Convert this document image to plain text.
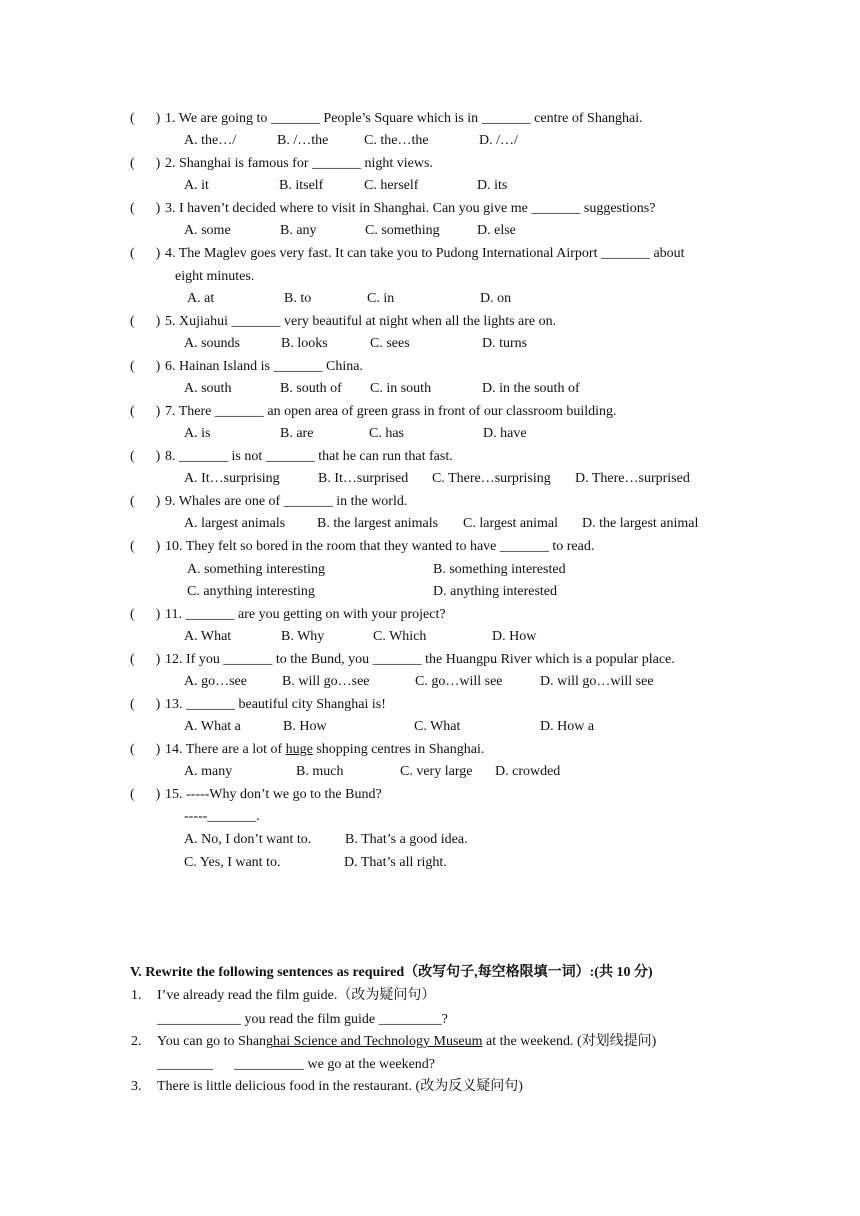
( ) 1. We are going to _______ People’s Square which is in _______ centre of Shanghai.
A. the…/	B. /…the	C. the…the	D. /…/
( ) 2. Shanghai is famous for _______ night views.
A. it	B. itself	C. herself	D. its
( ) 3. I haven’t decided where to visit in Shanghai. Can you give me _______ suggestions?
A. some	B. any	C. something	D. else
( ) 4. The Maglev goes very fast. It can take you to Pudong International Airport _______ about
eight minutes.
A. at	B. to	C. in	D. on
( ) 5. Xujiahui _______ very beautiful at night when all the lights are on.
A. sounds	B. looks	C. sees	D. turns
( ) 6. Hainan Island is _______ China.
A. south	B. south of C. in south	D. in the south of
( ) 7. There _______ an open area of green grass in front of our classroom building.
A. is	B. are	C. has	D. have
( ) 8. _______ is not _______ that he can run that fast.
A. It…surprising	B. It…surprised C. There…surprising D. There…surprised
( ) 9. Whales are one of _______ in the world.
A. largest animals B. the largest animals C. largest animal D. the largest animal
( ) 10. They felt so bored in the room that they wanted to have _______ to read.
A. something interesting	B. something interested
C. anything interesting	D. anything interested
( ) 11. _______ are you getting on with your project?
A. What	B. Why	C. Which	D. How
( ) 12. If you _______ to the Bund, you _______ the Huangpu River which is a popular place.
A. go…see	B. will go…see	C. go…will see	D. will go…will see
( ) 13. _______ beautiful city Shanghai is!
A. What a	B. How	C. What	D. How a
( ) 14. There are a lot of huge shopping centres in Shanghai.
A. many	B. much	C. very large D. crowded
( ) 15. -----Why don’t we go to the Bund?
-----_______.
A. No, I don’t want to. B. That’s a good idea.
C. Yes, I want to.	D. That’s all right.
V. Rewrite the following sentences as required（改写句子,每空格限填一词）:(共 10 分)
1. I’ve already read the film guide.（改为疑问句）
____________ you read the film guide _________?
2. You can go to Shanghai Science and Technology Museum at the weekend. (对划线提问)
________      __________ we go at the weekend?
3. There is little delicious food in the restaurant. (改为反义疑问句)
